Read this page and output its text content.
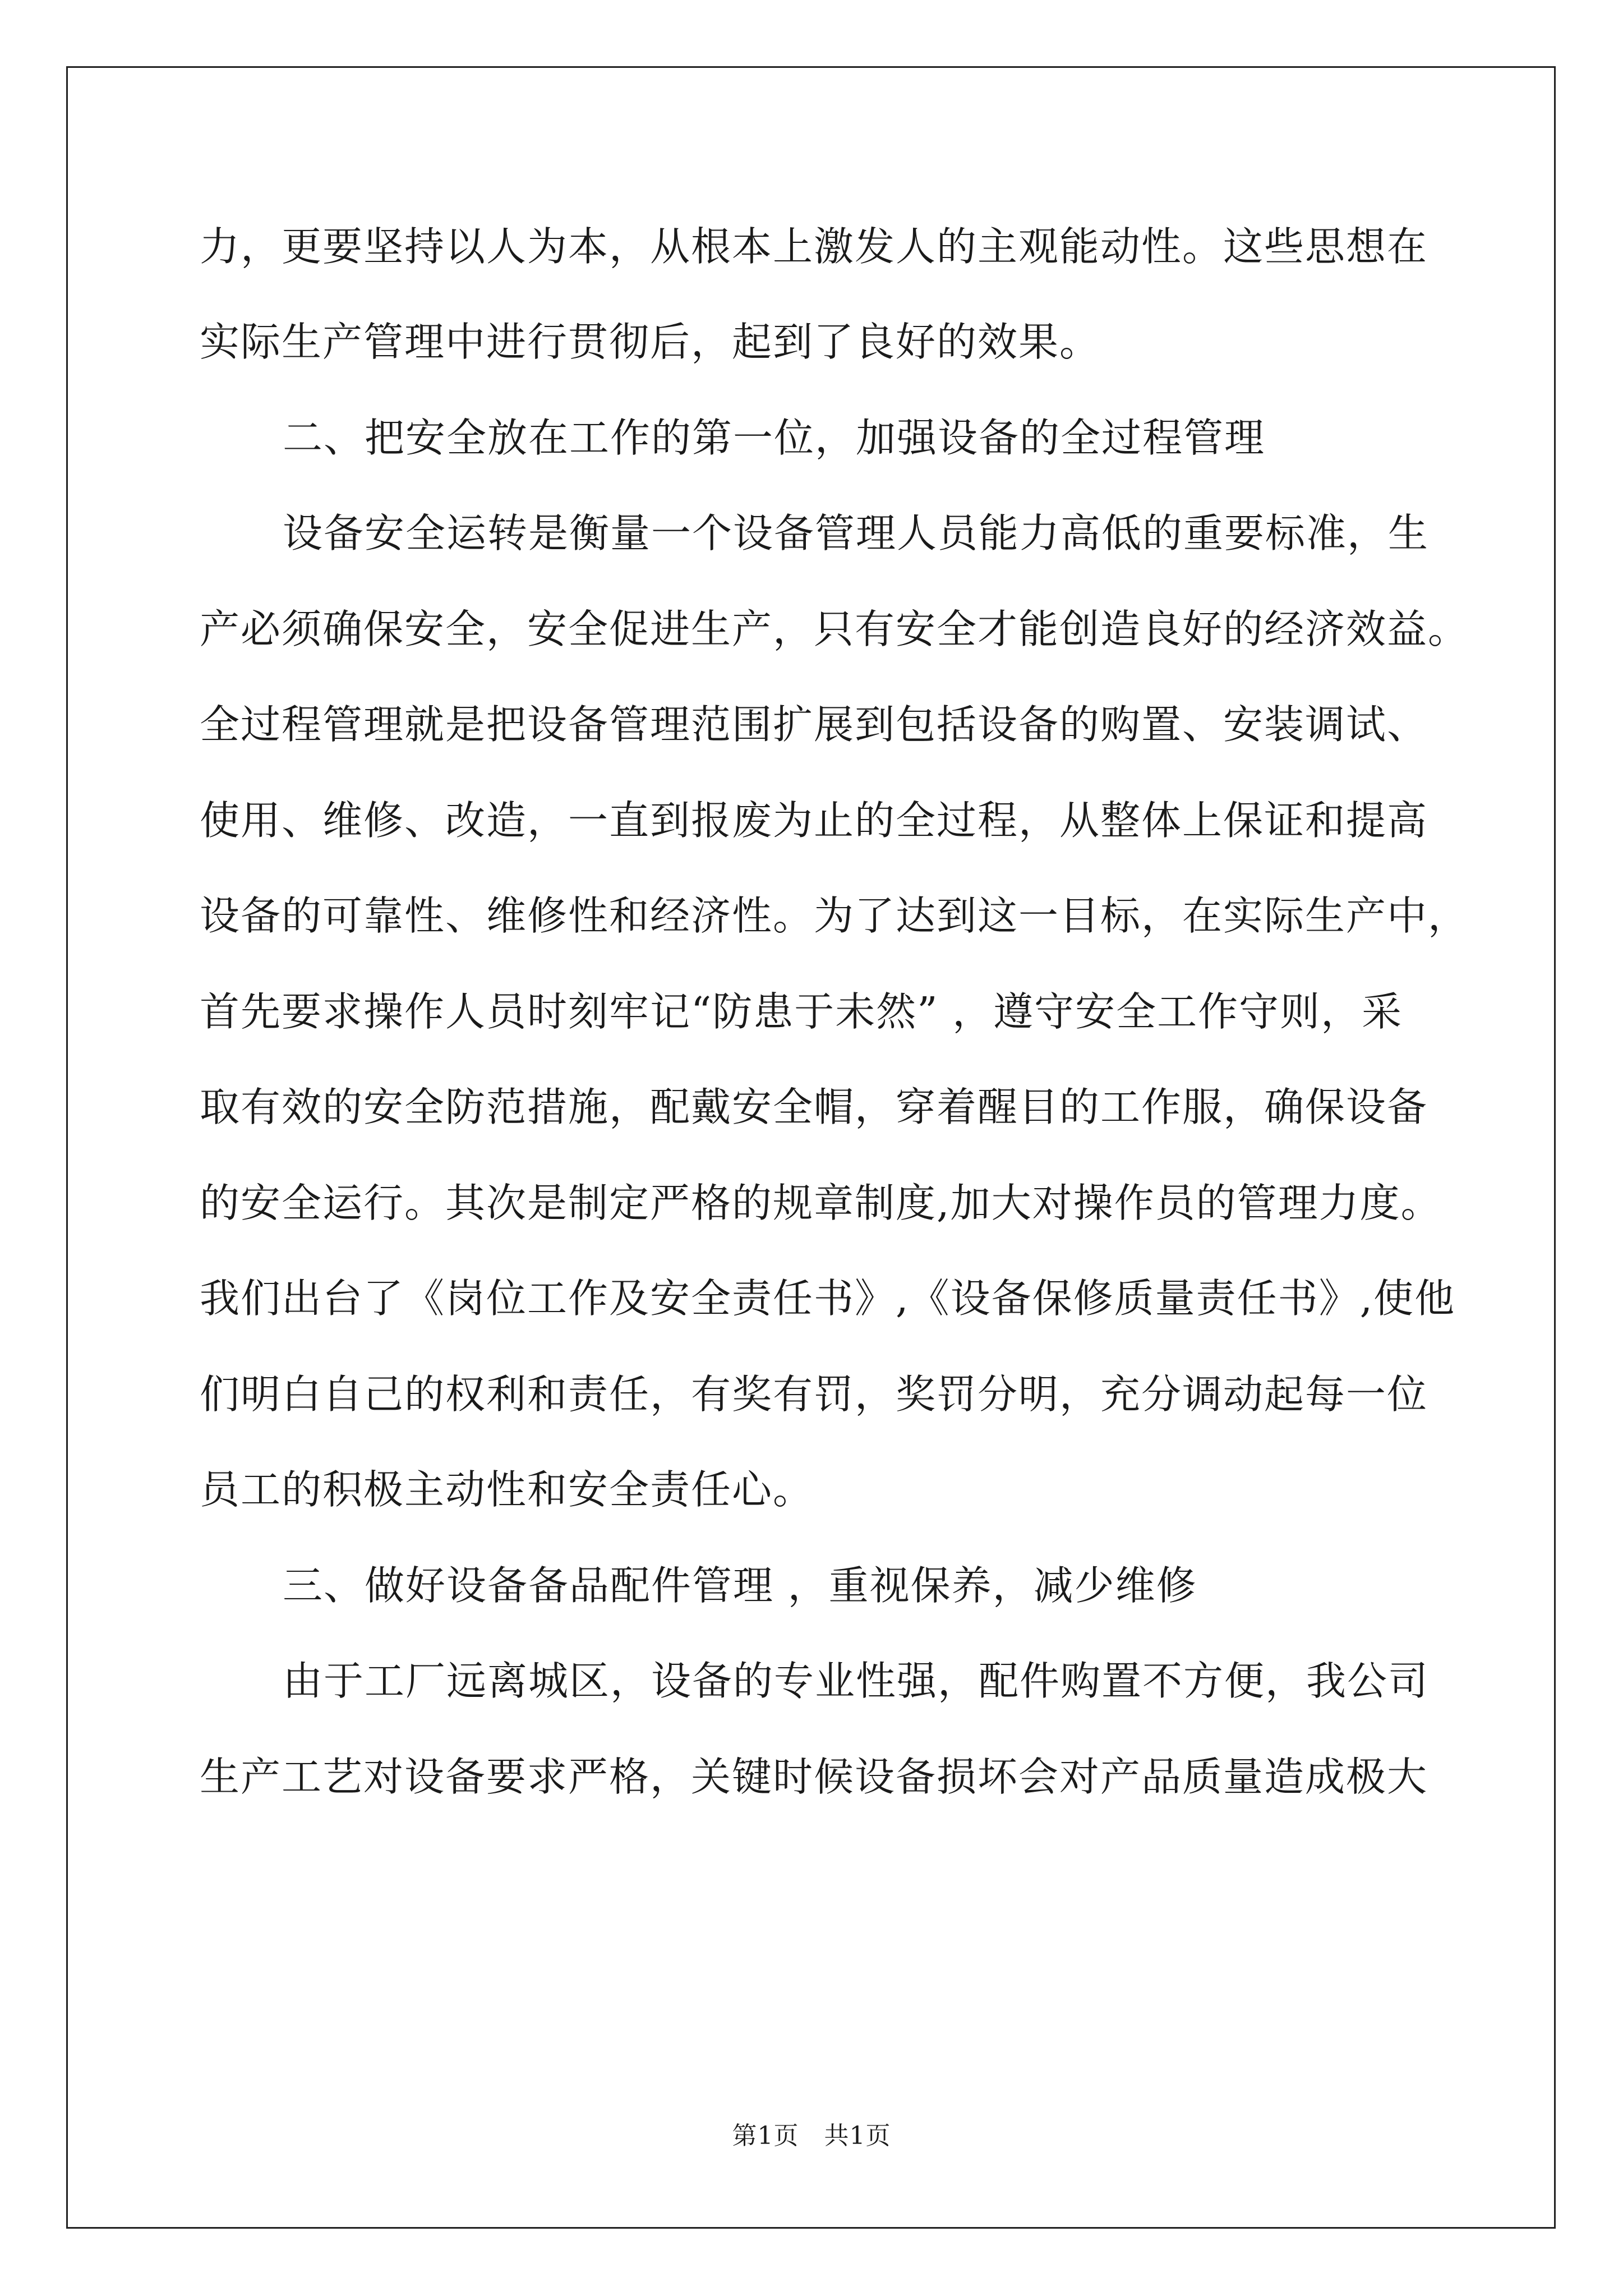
力，更要坚持以人为本，从根本上激发人的主观能动性。这些思想在
实际生产管理中进行贯彻后，起到了良好的效果。
二、把安全放在工作的第一位，加强设备的全过程管理
设备安全运转是衡量一个设备管理人员能力高低的重要标准，生
产必须确保安全，安全促进生产，只有安全才能创造良好的经济效益。
全过程管理就是把设备管理范围扩展到包括设备的购置、安装调试、
使用、维修、改造，一直到报废为止的全过程，从整体上保证和提高
设备的可靠性、维修性和经济性。为了达到这一目标，在实际生产中，
首先要求操作人员时刻牢记“防患于未然” ，遵守安全工作守则，采
取有效的安全防范措施，配戴安全帽，穿着醒目的工作服，确保设备
的安全运行。其次是制定严格的规章制度,加大对操作员的管理力度。
我们出台了《岗位工作及安全责任书》,《设备保修质量责任书》,使他
们明白自己的权利和责任，有奖有罚，奖罚分明，充分调动起每一位
员工的积极主动性和安全责任心。
三、做好设备备品配件管理 ，重视保养，减少维修
由于工厂远离城区，设备的专业性强，配件购置不方便，我公司
生产工艺对设备要求严格，关键时候设备损坏会对产品质量造成极大
第1页　共1页
